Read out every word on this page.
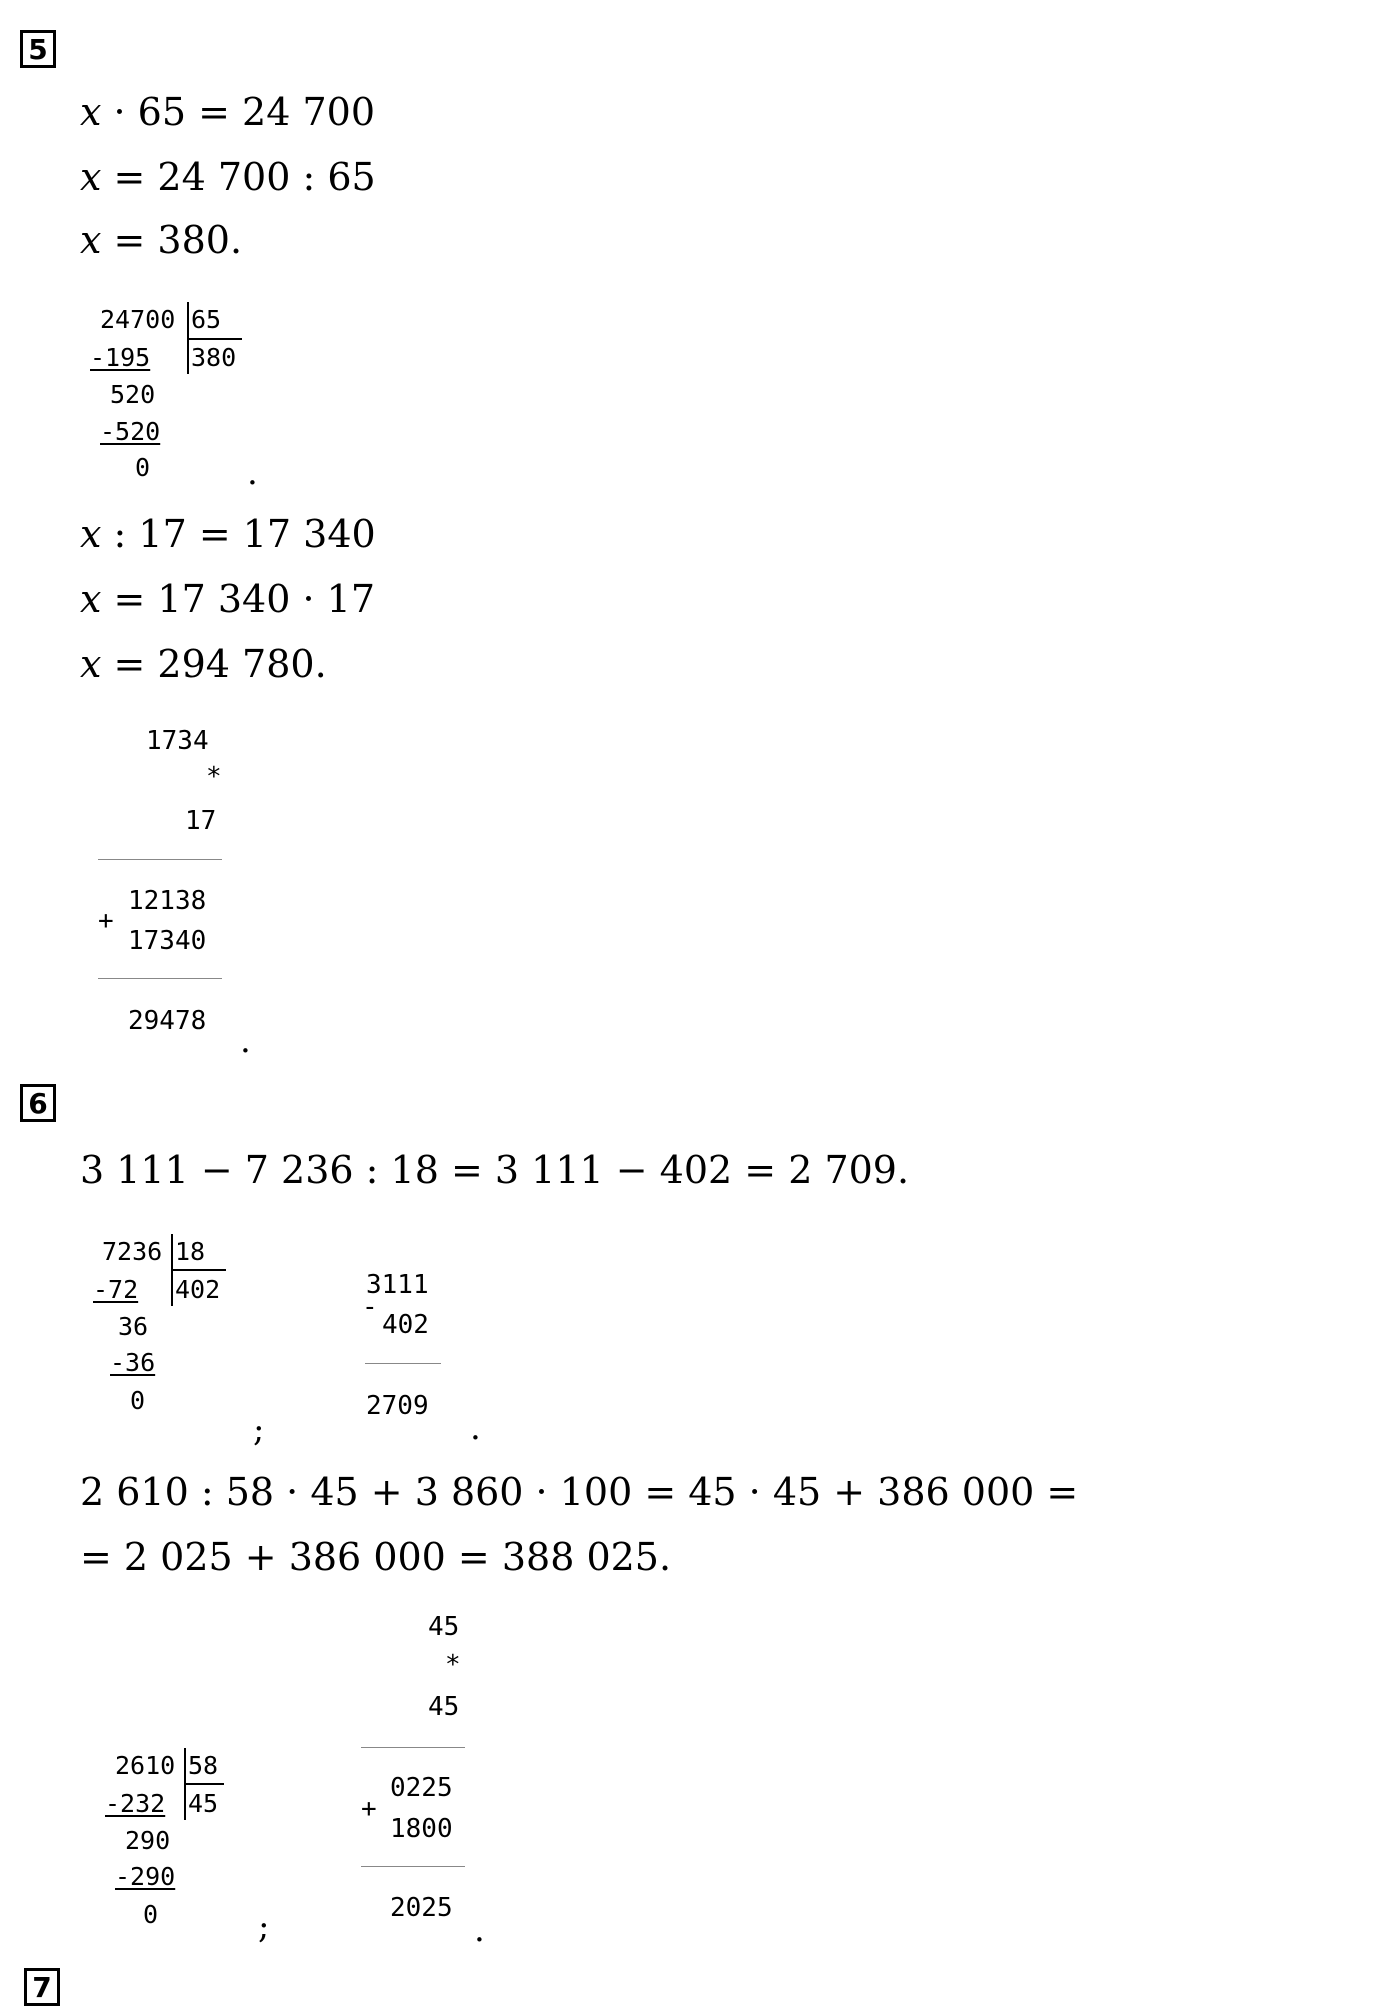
5
x · 65 = 24 700
x = 24 700 : 65
x = 380.
24700 65
380
-195
520
-520
0	.
x : 17 = 17 340
x = 17 340 · 17
x = 294 780.
1734
*
17
12138
+
17340
29478 .
6
3 111 − 7 236 : 18 = 3 111 − 402 = 2 709.
7236 18
402
-72
36
-36
0
;
3111
-
402
2709
.
2 610 : 58 · 45 + 3 860 · 100 = 45 · 45 + 386 000 =
= 2 025 + 386 000 = 388 025.
45
*
45
0225
+
1800
2025
.
2610 58
45
-232
290
-290
0	;
7
